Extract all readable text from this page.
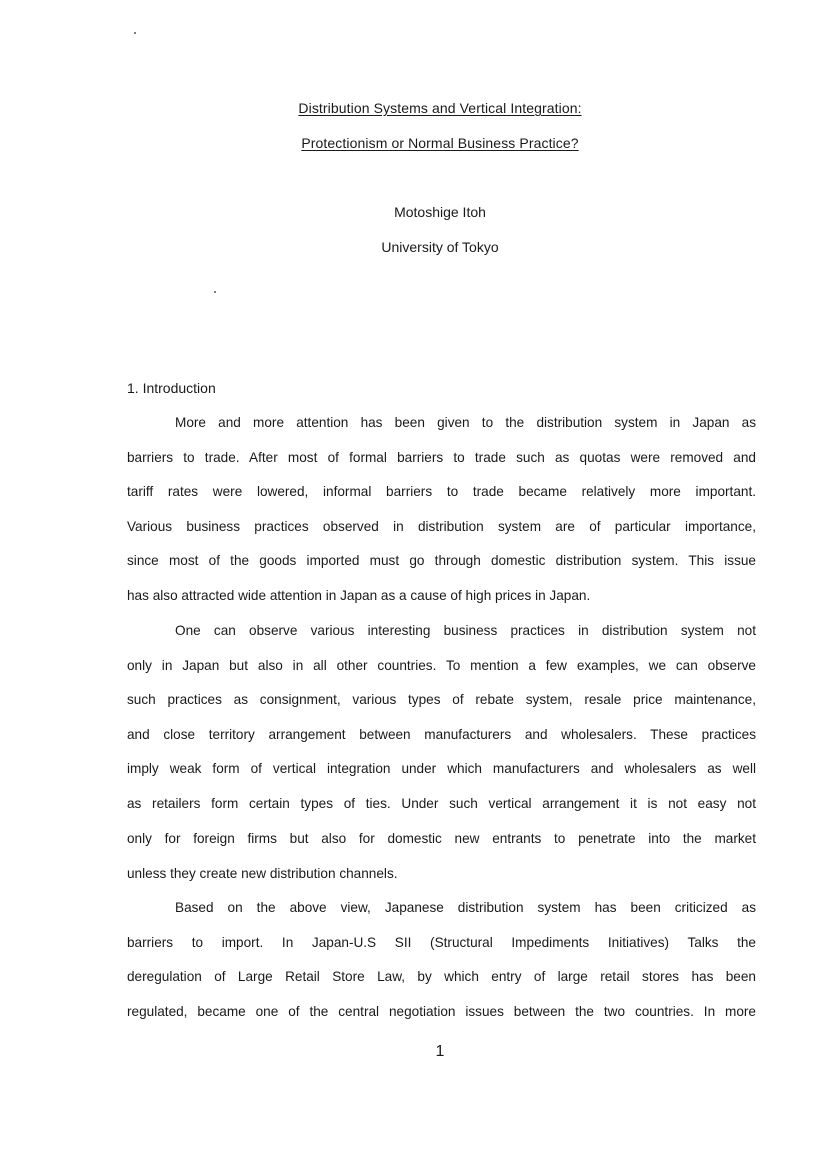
Distribution Systems and Vertical Integration:
Protectionism or Normal Business Practice?
Motoshige Itoh
University of Tokyo
1. Introduction
More and more attention has been given to the distribution system in Japan as
barriers to trade. After most of formal barriers to trade such as quotas were removed and
tariff rates were lowered, informal barriers to trade became relatively more important.
Various business practices observed in distribution system are of particular importance,
since most of the goods imported must go through domestic distribution system. This issue
has also attracted wide attention in Japan as a cause of high prices in Japan.
One can observe various interesting business practices in distribution system not
only in Japan but also in all other countries. To mention a few examples, we can observe
such practices as consignment, various types of rebate system, resale price maintenance,
and close territory arrangement between manufacturers and wholesalers. These practices
imply weak form of vertical integration under which manufacturers and wholesalers as well
as retailers form certain types of ties. Under such vertical arrangement it is not easy not
only for foreign firms but also for domestic new entrants to penetrate into the market
unless they create new distribution channels.
Based on the above view, Japanese distribution system has been criticized as
barriers to import. In Japan-U.S SII (Structural Impediments Initiatives) Talks the
deregulation of Large Retail Store Law, by which entry of large retail stores has been
regulated, became one of the central negotiation issues between the two countries. In more
1
